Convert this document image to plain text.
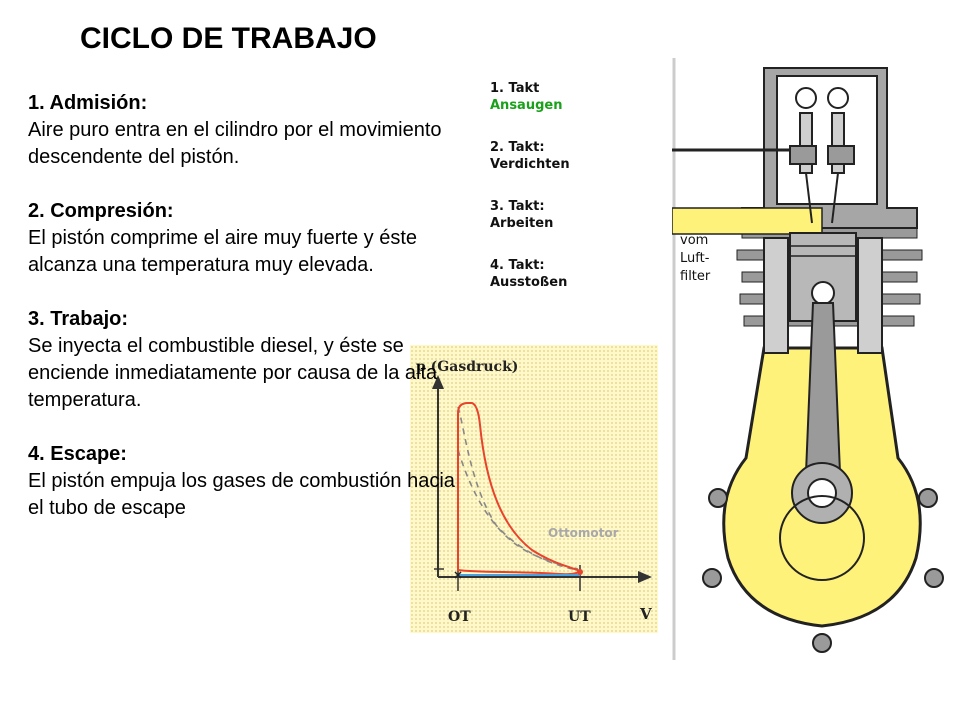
CICLO DE TRABAJO
vom
Luft-
filter
1. Takt
Ansaugen
2. Takt:
Verdichten
3. Takt:
Arbeiten
4. Takt:
Ausstoßen
p (Gasdruck)
Ottomotor
OT	UT	V

1. Admisión:
Aire puro entra en el cilindro por el movimiento descendente del pistón.

2. Compresión:
El pistón comprime el aire muy fuerte y éste alcanza una temperatura muy elevada.

3. Trabajo:
Se inyecta el combustible diesel, y éste se enciende inmediatamente por causa de la alta temperatura.

4. Escape:
El pistón empuja los gases de combustión hacia el tubo de escape
